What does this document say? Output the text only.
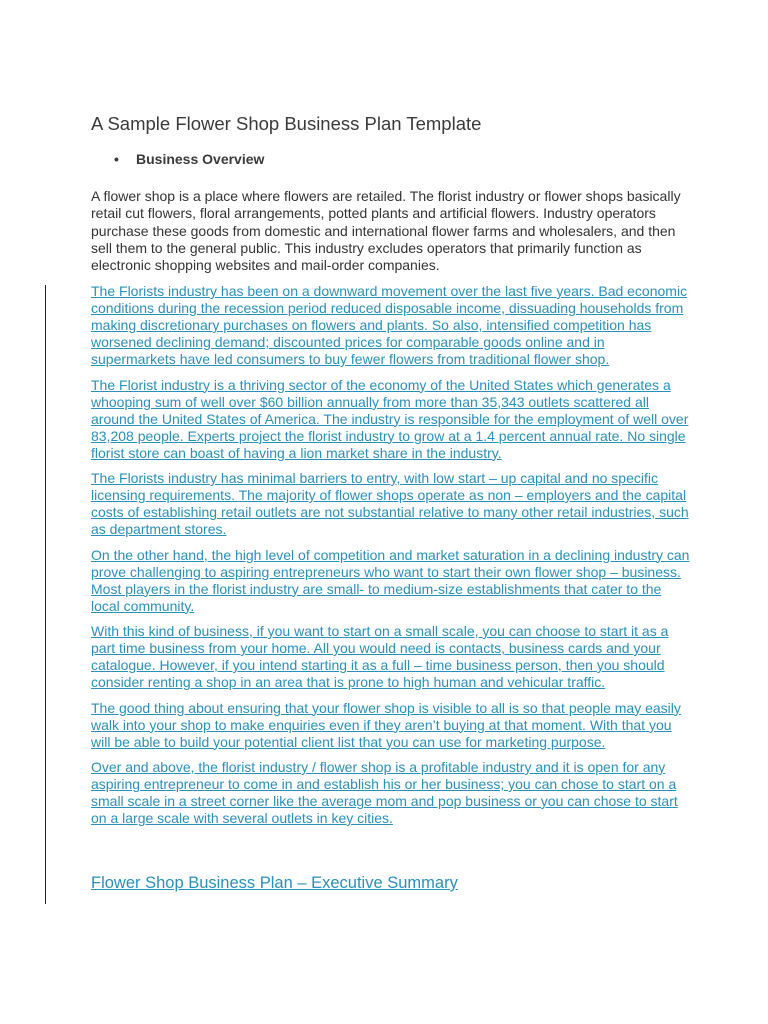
A Sample Flower Shop Business Plan Template
• Business Overview

A flower shop is a place where flowers are retailed. The florist industry or flower shops basically retail cut flowers, floral arrangements, potted plants and artificial flowers. Industry operators purchase these goods from domestic and international flower farms and wholesalers, and then sell them to the general public. This industry excludes operators that primarily function as electronic shopping websites and mail-order companies.

The Florists industry has been on a downward movement over the last five years. Bad economic conditions during the recession period reduced disposable income, dissuading households from making discretionary purchases on flowers and plants. So also, intensified competition has worsened declining demand; discounted prices for comparable goods online and in supermarkets have led consumers to buy fewer flowers from traditional flower shop.

The Florist industry is a thriving sector of the economy of the United States which generates a whooping sum of well over $60 billion annually from more than 35,343 outlets scattered all around the United States of America. The industry is responsible for the employment of well over 83,208 people. Experts project the florist industry to grow at a 1.4 percent annual rate. No single florist store can boast of having a lion market share in the industry.

The Florists industry has minimal barriers to entry, with low start – up capital and no specific licensing requirements. The majority of flower shops operate as non – employers and the capital costs of establishing retail outlets are not substantial relative to many other retail industries, such as department stores.

On the other hand, the high level of competition and market saturation in a declining industry can prove challenging to aspiring entrepreneurs who want to start their own flower shop – business. Most players in the florist industry are small- to medium-size establishments that cater to the local community.

With this kind of business, if you want to start on a small scale, you can choose to start it as a part time business from your home. All you would need is contacts, business cards and your catalogue. However, if you intend starting it as a full – time business person, then you should consider renting a shop in an area that is prone to high human and vehicular traffic.

The good thing about ensuring that your flower shop is visible to all is so that people may easily walk into your shop to make enquiries even if they aren’t buying at that moment. With that you will be able to build your potential client list that you can use for marketing purpose.

Over and above, the florist industry / flower shop is a profitable industry and it is open for any aspiring entrepreneur to come in and establish his or her business; you can chose to start on a small scale in a street corner like the average mom and pop business or you can chose to start on a large scale with several outlets in key cities.

Flower Shop Business Plan – Executive Summary
